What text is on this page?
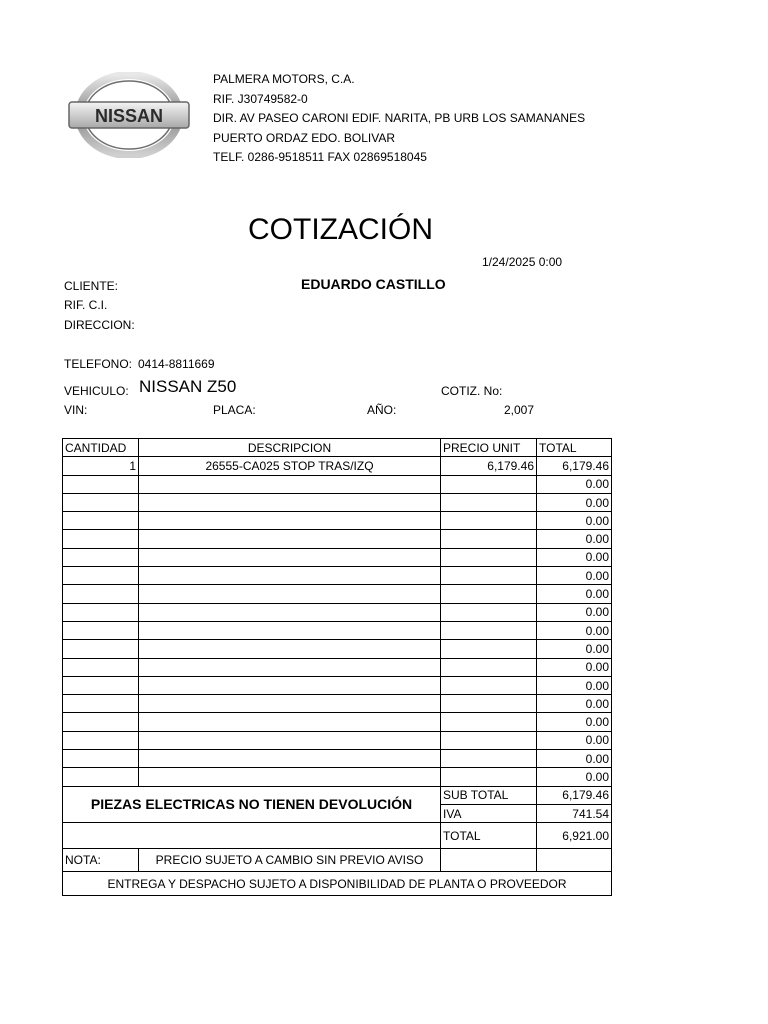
NISSAN
PALMERA MOTORS, C.A.
RIF. J30749582-0
DIR. AV PASEO CARONI EDIF. NARITA, PB URB LOS SAMANANES
PUERTO ORDAZ EDO. BOLIVAR
TELF. 0286-9518511 FAX 02869518045
COTIZACIÓN
1/24/2025 0:00
CLIENTE:	EDUARDO CASTILLO
RIF. C.I.
DIRECCION:
TELEFONO: 0414-8811669
VEHICULO: NISSAN Z50	COTIZ. No:
VIN:	PLACA:	AÑO:	2,007
CANTIDAD	DESCRIPCION	PRECIO UNIT	TOTAL
1	26555-CA025 STOP TRAS/IZQ	6,179.46	6,179.46
			0.00
			0.00
			0.00
			0.00
			0.00
			0.00
			0.00
			0.00
			0.00
			0.00
			0.00
			0.00
			0.00
			0.00
			0.00
			0.00
			0.00
PIEZAS ELECTRICAS NO TIENEN DEVOLUCIÓN		SUB TOTAL	6,179.46
		IVA	741.54
		TOTAL	6,921.00
NOTA:	PRECIO SUJETO A CAMBIO SIN PREVIO AVISO		
ENTREGA Y DESPACHO SUJETO A DISPONIBILIDAD DE PLANTA O PROVEEDOR			
